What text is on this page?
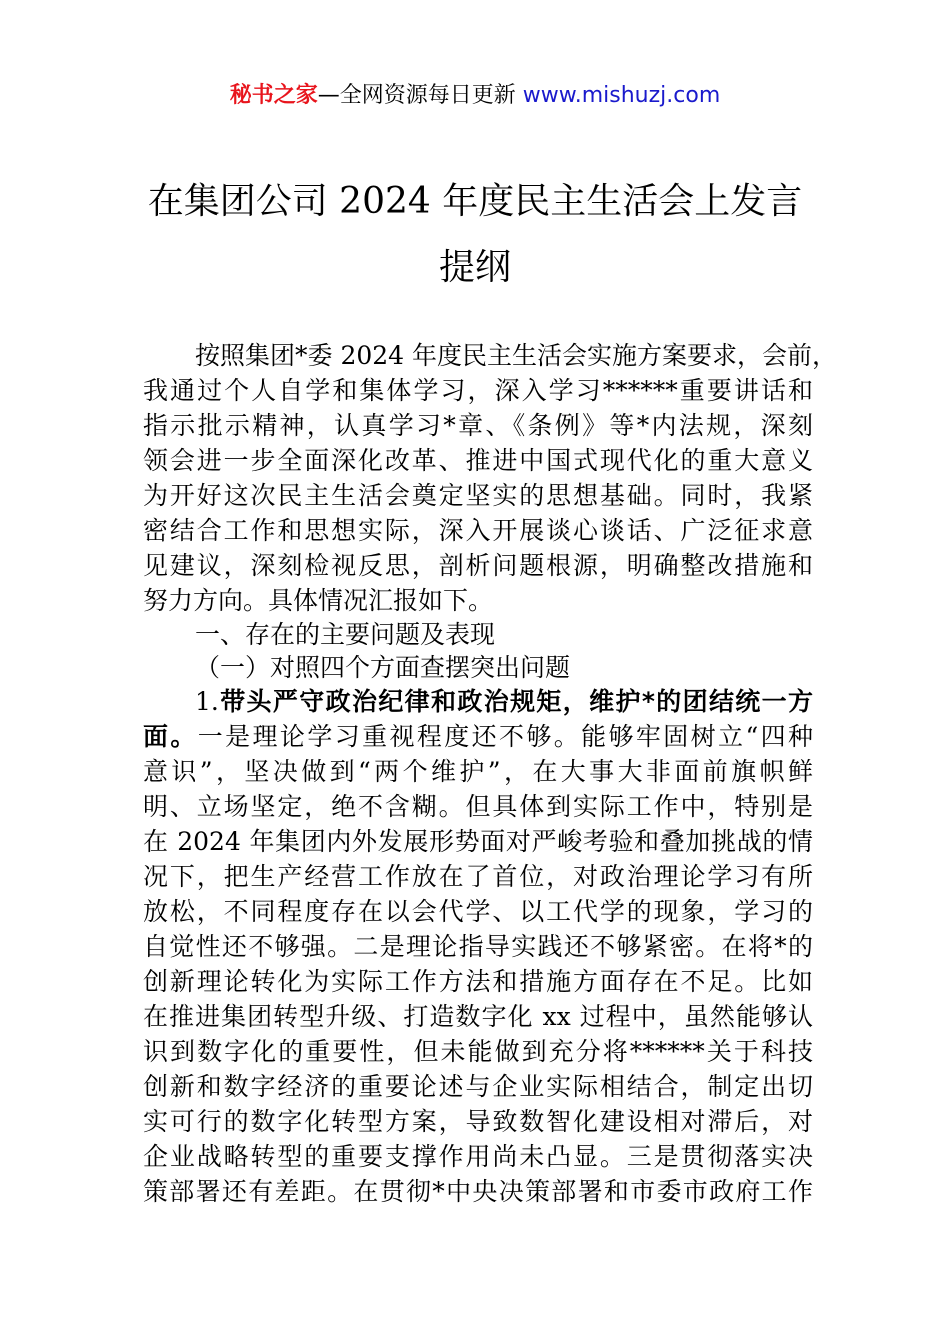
秘书之家—全网资源每日更新 www.mishuzj.com
在集团公司 2024 年度民主生活会上发言
提纲
按照集团*委 2024 年度民主生活会实施方案要求，会前，
我通过个人自学和集体学习，深入学习******重要讲话和
指示批示精神，认真学习*章、《条例》等*内法规，深刻
领会进一步全面深化改革、推进中国式现代化的重大意义
为开好这次民主生活会奠定坚实的思想基础。同时，我紧
密结合工作和思想实际，深入开展谈心谈话、广泛征求意
见建议，深刻检视反思，剖析问题根源，明确整改措施和
努力方向。具体情况汇报如下。
一、存在的主要问题及表现
（一）对照四个方面查摆突出问题
1.带头严守政治纪律和政治规矩，维护*的团结统一方
面。一是理论学习重视程度还不够。能够牢固树立“四种
意识”，坚决做到“两个维护”，在大事大非面前旗帜鲜
明、立场坚定，绝不含糊。但具体到实际工作中，特别是
在 2024 年集团内外发展形势面对严峻考验和叠加挑战的情
况下，把生产经营工作放在了首位，对政治理论学习有所
放松，不同程度存在以会代学、以工代学的现象，学习的
自觉性还不够强。二是理论指导实践还不够紧密。在将*的
创新理论转化为实际工作方法和措施方面存在不足。比如
在推进集团转型升级、打造数字化 xx 过程中，虽然能够认
识到数字化的重要性，但未能做到充分将******关于科技
创新和数字经济的重要论述与企业实际相结合，制定出切
实可行的数字化转型方案，导致数智化建设相对滞后，对
企业战略转型的重要支撑作用尚未凸显。三是贯彻落实决
策部署还有差距。在贯彻*中央决策部署和市委市政府工作
